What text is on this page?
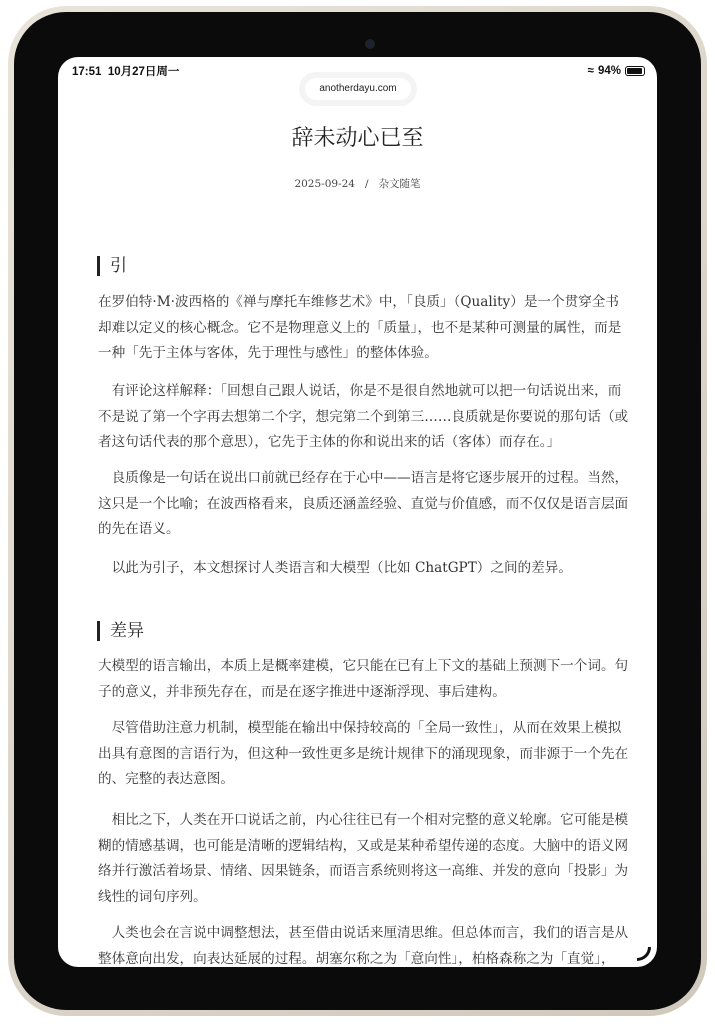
17:51 10月27日周一	≈ 94%
anotherdayu.com
辞未动心已至
2025-09-24 / 杂文随笔
引
在罗伯特·M·波西格的《禅与摩托车维修艺术》中，「良质」（Quality）是一个贯穿全书
却难以定义的核心概念。它不是物理意义上的「质量」，也不是某种可测量的属性，而是
一种「先于主体与客体，先于理性与感性」的整体体验。
　有评论这样解释：「回想自己跟人说话，你是不是很自然地就可以把一句话说出来，而
不是说了第一个字再去想第二个字，想完第二个到第三……良质就是你要说的那句话（或
者这句话代表的那个意思），它先于主体的你和说出来的话（客体）而存在。」
　良质像是一句话在说出口前就已经存在于心中——语言是将它逐步展开的过程。当然，
这只是一个比喻；在波西格看来，良质还涵盖经验、直觉与价值感，而不仅仅是语言层面
的先在语义。
　以此为引子，本文想探讨人类语言和大模型（比如 ChatGPT）之间的差异。
差异
大模型的语言输出，本质上是概率建模，它只能在已有上下文的基础上预测下一个词。句
子的意义，并非预先存在，而是在逐字推进中逐渐浮现、事后建构。
　尽管借助注意力机制，模型能在输出中保持较高的「全局一致性」，从而在效果上模拟
出具有意图的言语行为，但这种一致性更多是统计规律下的涌现现象，而非源于一个先在
的、完整的表达意图。
　相比之下，人类在开口说话之前，内心往往已有一个相对完整的意义轮廓。它可能是模
糊的情感基调，也可能是清晰的逻辑结构，又或是某种希望传递的态度。大脑中的语义网
络并行激活着场景、情绪、因果链条，而语言系统则将这一高维、并发的意向「投影」为
线性的词句序列。
　人类也会在言说中调整想法，甚至借由说话来厘清思维。但总体而言，我们的语言是从
整体意向出发，向表达延展的过程。胡塞尔称之为「意向性」，柏格森称之为「直觉」，
